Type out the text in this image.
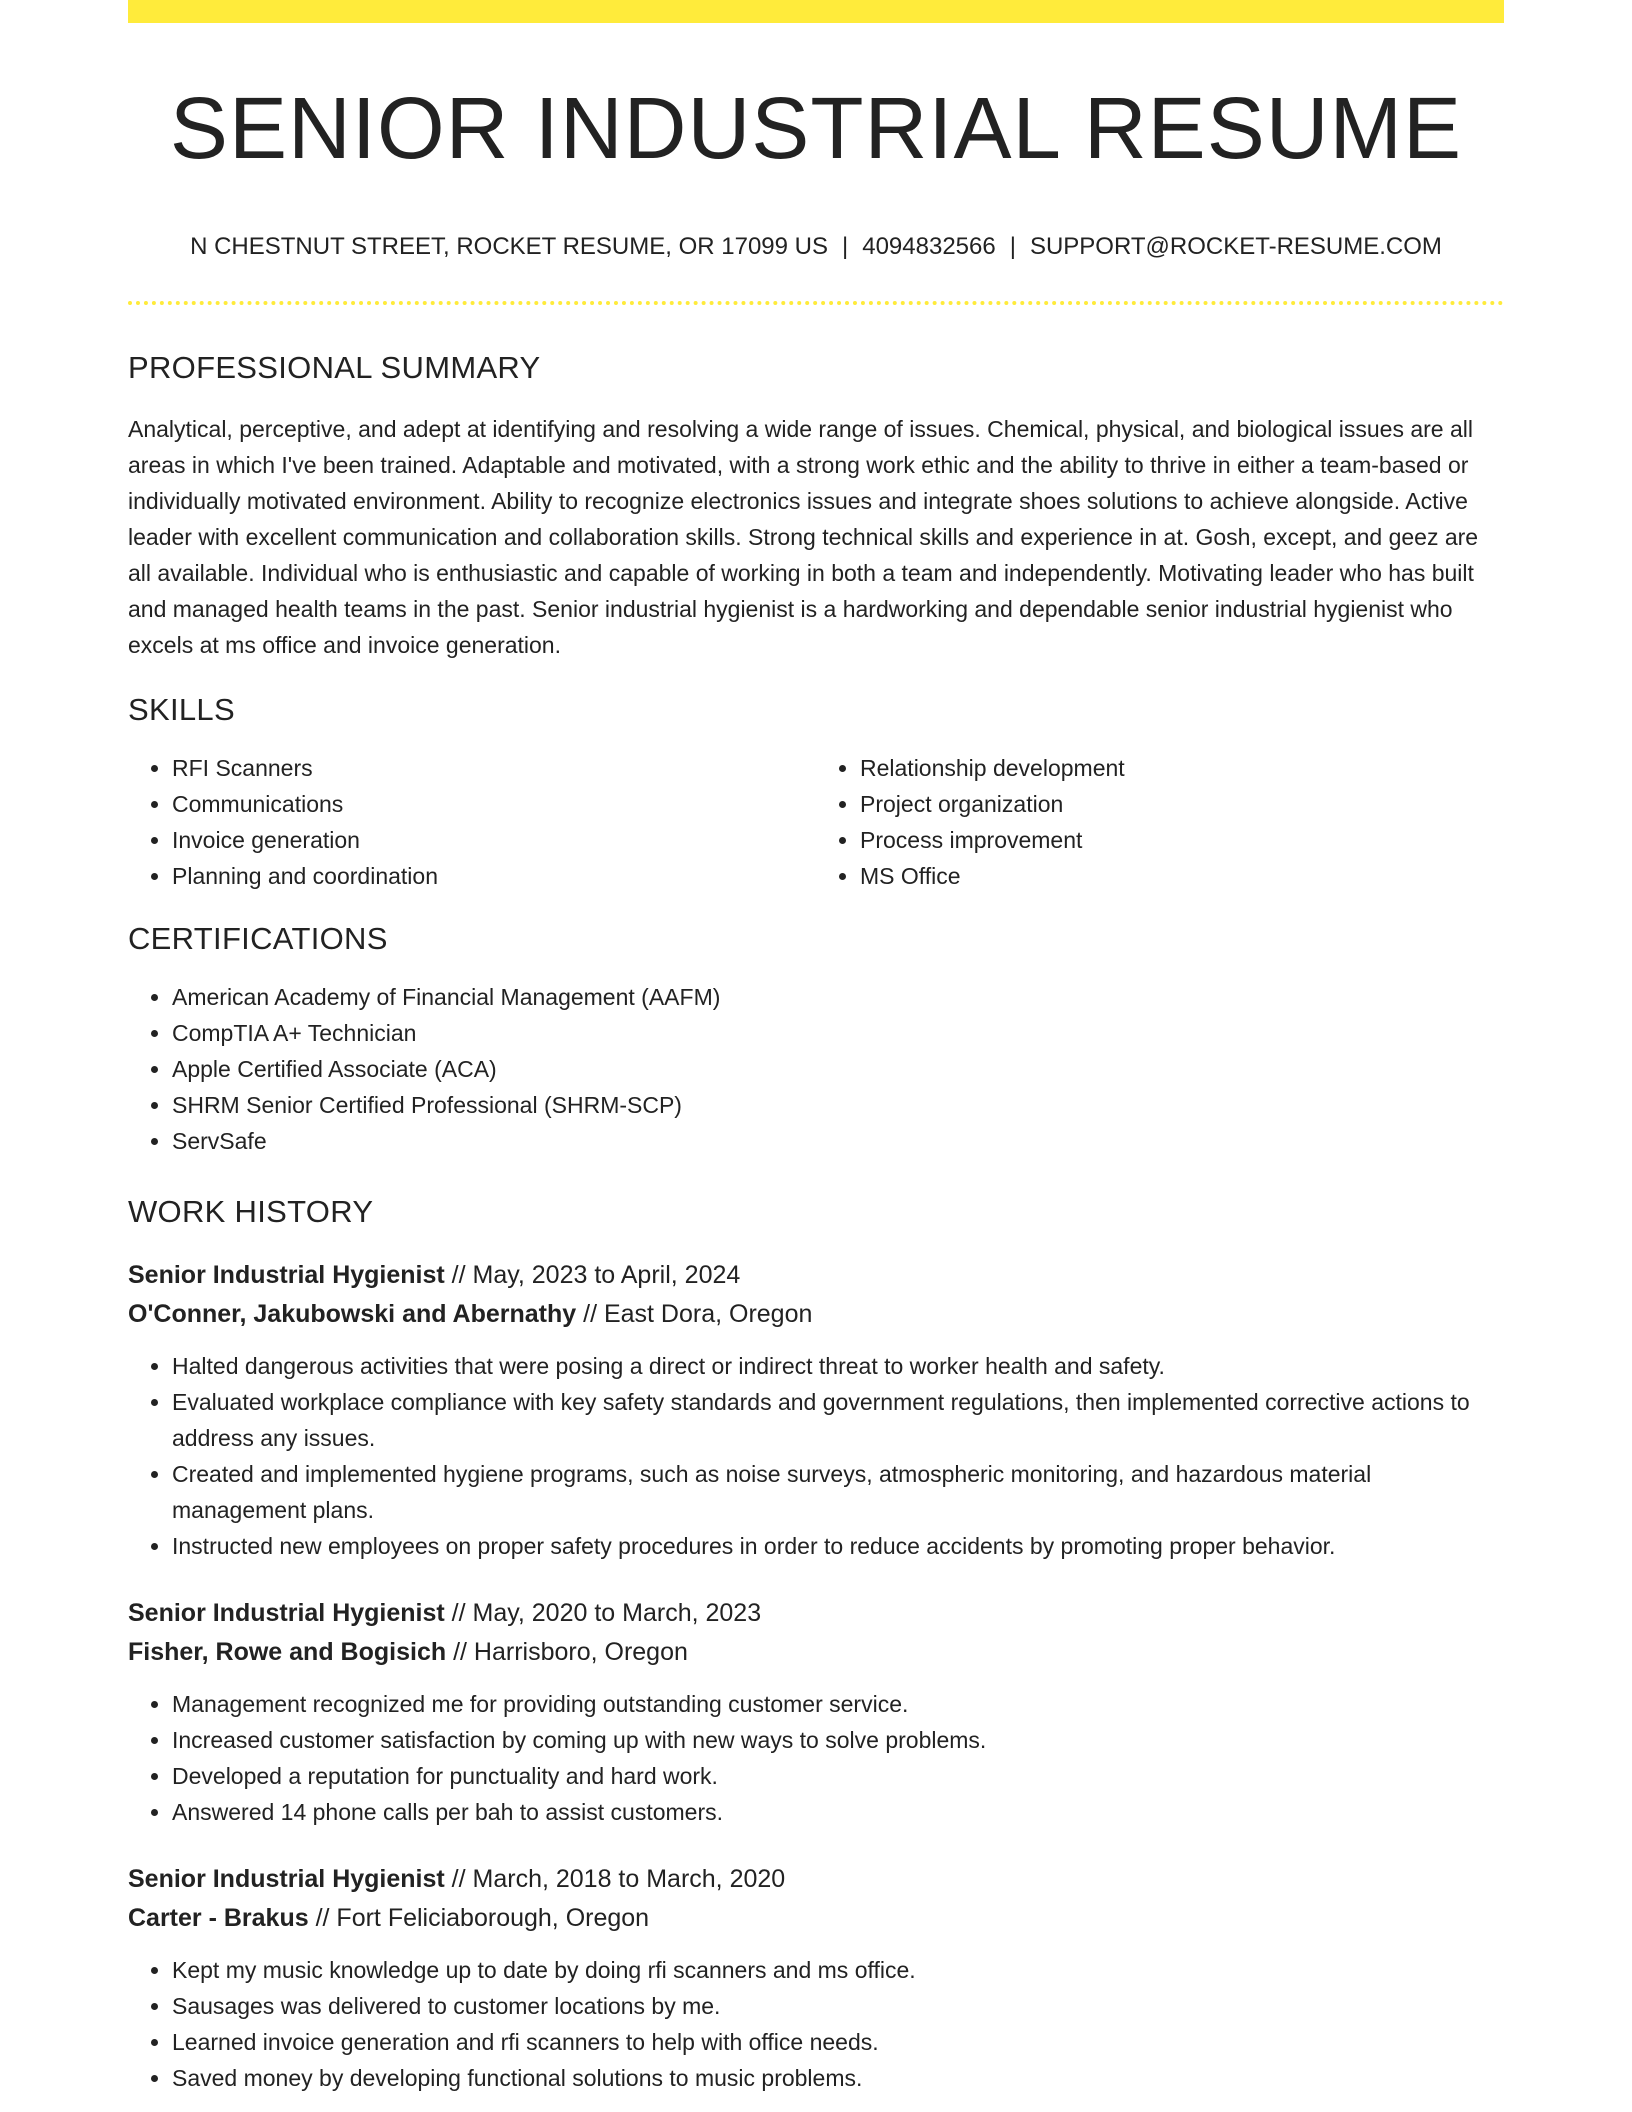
SENIOR INDUSTRIAL RESUME
N CHESTNUT STREET, ROCKET RESUME, OR 17099 US | 4094832566 | SUPPORT@ROCKET-RESUME.COM
PROFESSIONAL SUMMARY

Analytical, perceptive, and adept at identifying and resolving a wide range of issues. Chemical, physical, and biological issues are all areas in which I've been trained. Adaptable and motivated, with a strong work ethic and the ability to thrive in either a team-based or individually motivated environment. Ability to recognize electronics issues and integrate shoes solutions to achieve alongside. Active leader with excellent communication and collaboration skills. Strong technical skills and experience in at. Gosh, except, and geez are all available. Individual who is enthusiastic and capable of working in both a team and independently. Motivating leader who has built and managed health teams in the past. Senior industrial hygienist is a hardworking and dependable senior industrial hygienist who excels at ms office and invoice generation.

SKILLS
• RFI Scanners
• Communications
• Invoice generation
• Planning and coordination
• Relationship development
• Project organization
• Process improvement
• MS Office
CERTIFICATIONS
• American Academy of Financial Management (AAFM)
• CompTIA A+ Technician
• Apple Certified Associate (ACA)
• SHRM Senior Certified Professional (SHRM-SCP)
• ServSafe
WORK HISTORY
Senior Industrial Hygienist // May, 2023 to April, 2024
O'Conner, Jakubowski and Abernathy // East Dora, Oregon
• Halted dangerous activities that were posing a direct or indirect threat to worker health and safety.
• Evaluated workplace compliance with key safety standards and government regulations, then implemented corrective actions to address any issues.
• Created and implemented hygiene programs, such as noise surveys, atmospheric monitoring, and hazardous material management plans.
• Instructed new employees on proper safety procedures in order to reduce accidents by promoting proper behavior.
Senior Industrial Hygienist // May, 2020 to March, 2023
Fisher, Rowe and Bogisich // Harrisboro, Oregon
• Management recognized me for providing outstanding customer service.
• Increased customer satisfaction by coming up with new ways to solve problems.
• Developed a reputation for punctuality and hard work.
• Answered 14 phone calls per bah to assist customers.
Senior Industrial Hygienist // March, 2018 to March, 2020
Carter - Brakus // Fort Feliciaborough, Oregon
• Kept my music knowledge up to date by doing rfi scanners and ms office.
• Sausages was delivered to customer locations by me.
• Learned invoice generation and rfi scanners to help with office needs.
• Saved money by developing functional solutions to music problems.
